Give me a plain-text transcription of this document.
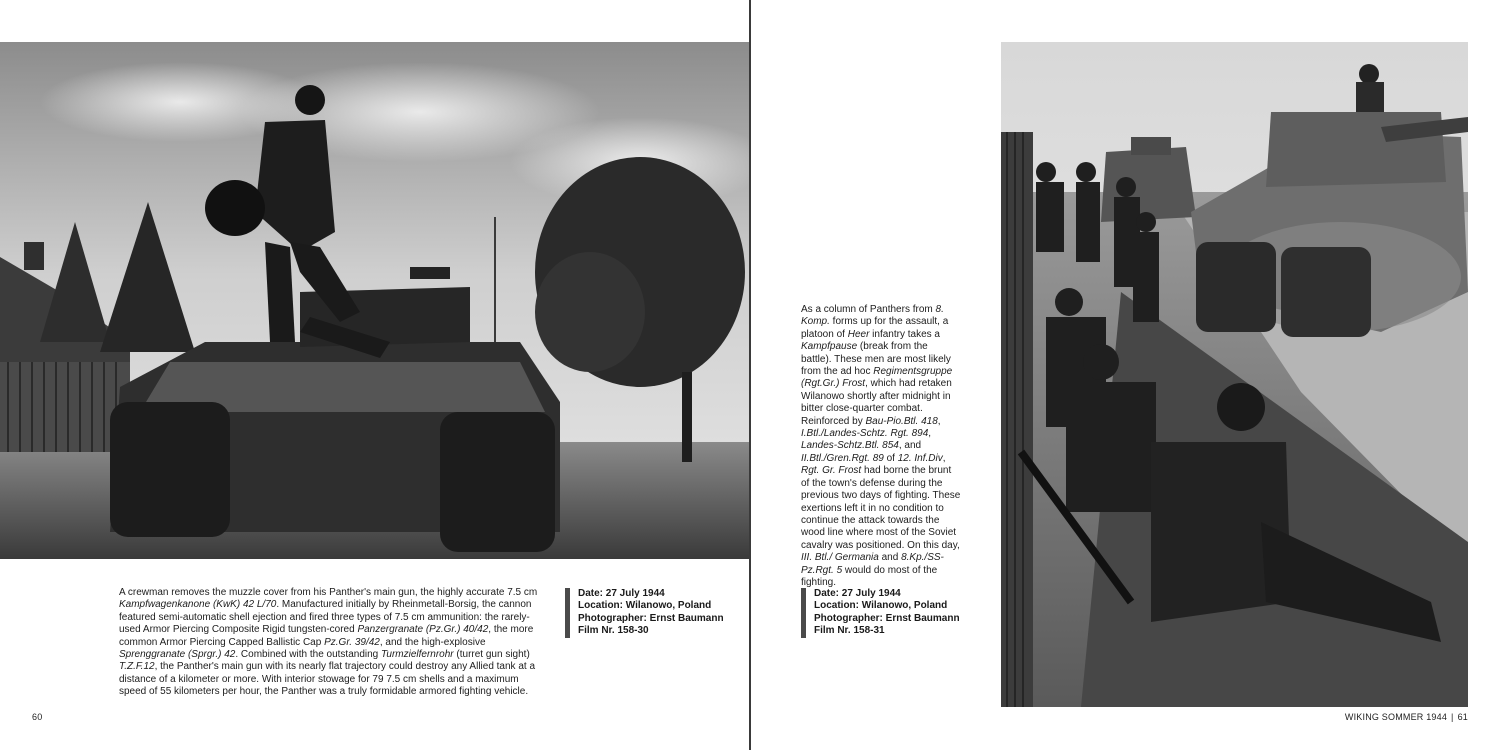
A crewman removes the muzzle cover from his Panther's main gun, the highly accurate 7.5 cm Kampfwagenkanone (KwK) 42 L/70. Manufactured initially by Rheinmetall-Borsig, the cannon featured semi-automatic shell ejection and fired three types of 7.5 cm ammunition: the rarely-used Armor Piercing Composite Rigid tungsten-cored Panzergranate (Pz.Gr.) 40/42, the more common Armor Piercing Capped Ballistic Cap Pz.Gr. 39/42, and the high-explosive Sprenggranate (Sprgr.) 42. Combined with the outstanding Turmzielfernrohr (turret gun sight) T.Z.F.12, the Panther's main gun with its nearly flat trajectory could destroy any Allied tank at a distance of a kilometer or more. With interior stowage for 79 7.5 cm shells and a maximum speed of 55 kilometers per hour, the Panther was a truly formidable armored fighting vehicle.
Date: 27 July 1944
Location: Wilanowo, Poland
Photographer: Ernst Baumann
Film Nr. 158-30
60
As a column of Panthers from 8. Komp. forms up for the assault, a platoon of Heer infantry takes a Kampfpause (break from the battle). These men are most likely from the ad hoc Regimentsgruppe (Rgt.Gr.) Frost, which had retaken Wilanowo shortly after midnight in bitter close-quarter combat. Reinforced by Bau-Pio.Btl. 418, I.Btl./Landes-Schtz. Rgt. 894, Landes-Schtz.Btl. 854, and II.Btl./Gren.Rgt. 89 of 12. Inf.Div, Rgt. Gr. Frost had borne the brunt of the town's defense during the previous two days of fighting. These exertions left it in no condition to continue the attack towards the wood line where most of the Soviet cavalry was positioned. On this day, III. Btl./ Germania and 8.Kp./SS-Pz.Rgt. 5 would do most of the fighting.
Date: 27 July 1944
Location: Wilanowo, Poland
Photographer: Ernst Baumann
Film Nr. 158-31
WIKING SOMMER 1944 | 61
